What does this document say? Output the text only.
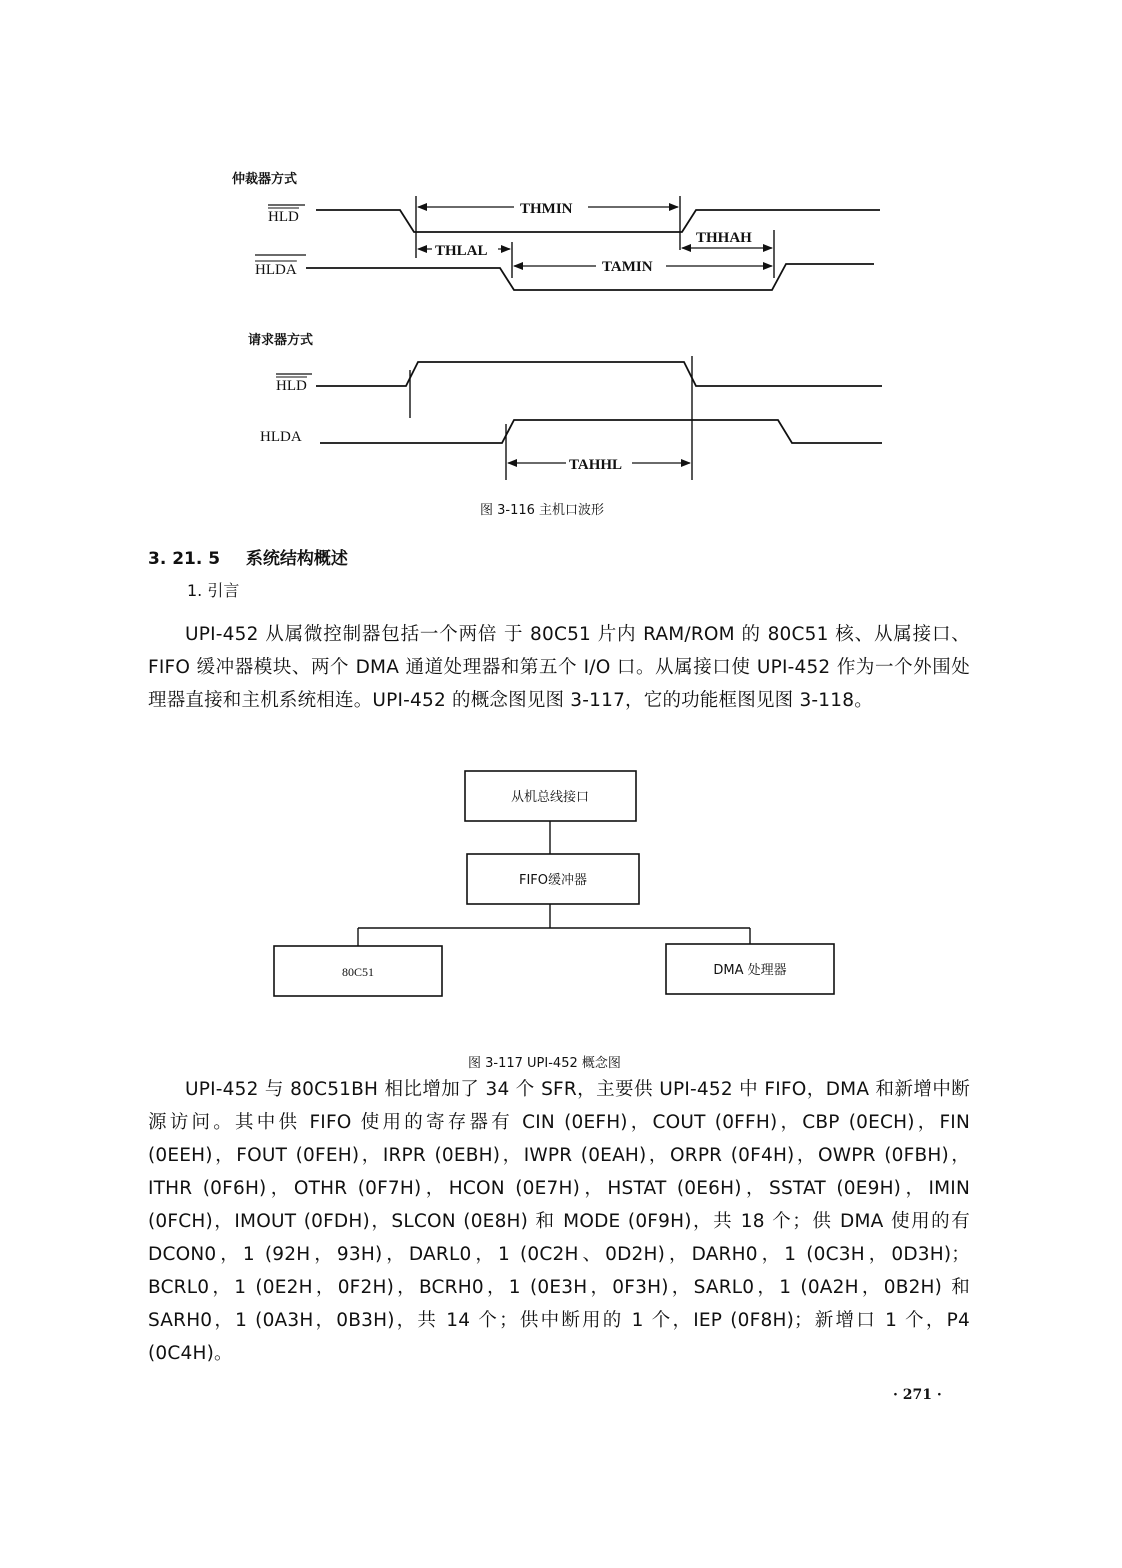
仲裁器方式
HLD
HLDA
THMIN
THLAL
THHAH
TAMIN
请求器方式
HLD
HLDA
TAHHL
图 3-116 主机口波形
3. 21. 5 系统结构概述
1. 引言
UPI-452 从属微控制器包括一个两倍 于 80C51 片内 RAM/ROM 的 80C51 核、从属接口、FIFO 缓冲器模块、两个 DMA 通道处理器和第五个 I/O 口。从属接口使 UPI-452 作为一个外围处理器直接和主机系统相连。UPI-452 的概念图见图 3-117，它的功能框图见图 3-118。
从机总线接口
FIFO缓冲器
80C51	DMA 处理器
图 3-117 UPI-452 概念图
UPI-452 与 80C51BH 相比增加了 34 个 SFR，主要供 UPI-452 中 FIFO，DMA 和新增中断源访问。其中供 FIFO 使用的寄存器有 CIN (0EFH)，COUT (0FFH)，CBP (0ECH)，FIN (0EEH)，FOUT (0FEH)，IRPR (0EBH)，IWPR (0EAH)，ORPR (0F4H)，OWPR (0FBH)，ITHR (0F6H)，OTHR (0F7H)，HCON (0E7H)，HSTAT (0E6H)，SSTAT (0E9H)，IMIN (0FCH)，IMOUT (0FDH)，SLCON (0E8H) 和 MODE (0F9H)，共 18 个；供 DMA 使用的有 DCON0，1 (92H，93H)，DARL0，1 (0C2H、0D2H)，DARH0，1 (0C3H，0D3H)；BCRL0，1 (0E2H，0F2H)，BCRH0，1 (0E3H，0F3H)，SARL0，1 (0A2H，0B2H) 和 SARH0，1 (0A3H，0B3H)，共 14 个；供中断用的 1 个，IEP (0F8H)；新增口 1 个，P4 (0C4H)。
· 271 ·
